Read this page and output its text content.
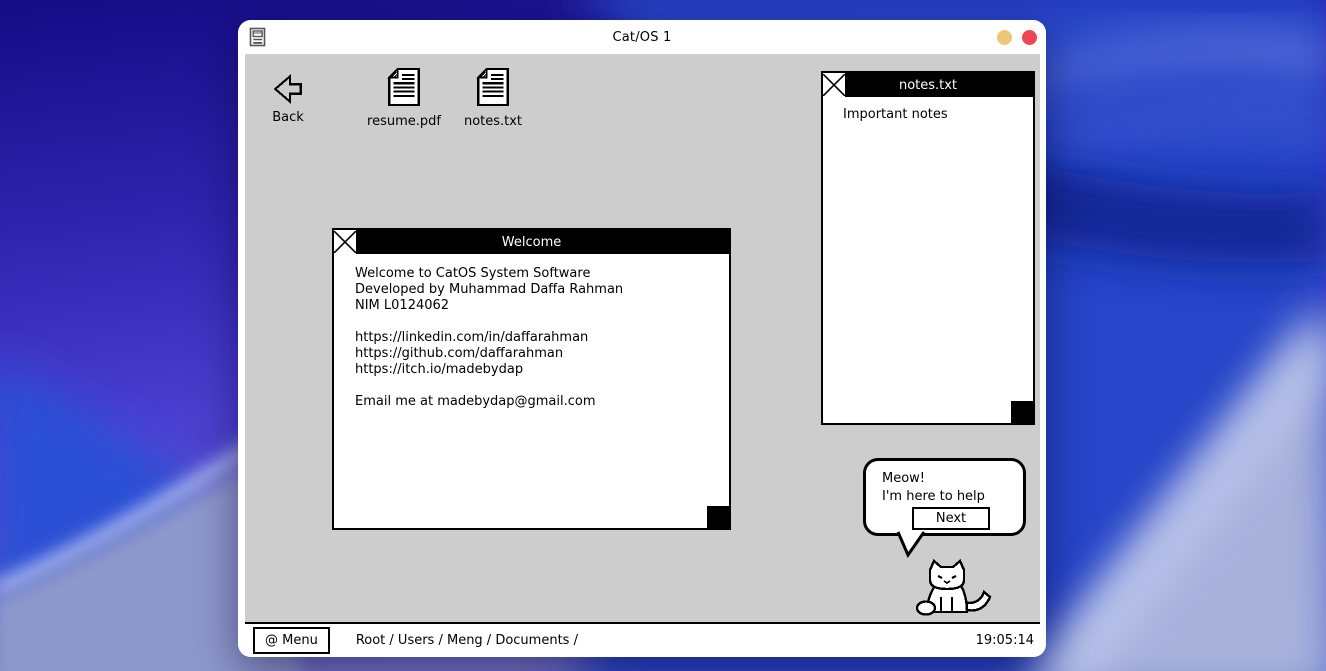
Cat/OS 1
Back	resume.pdf notes.txt
Welcome
Welcome to CatOS System Software
Developed by Muhammad Daffa Rahman
NIM L0124062
https://linkedin.com/in/daffarahman
https://github.com/daffarahman
https://itch.io/madebydap
Email me at madebydap@gmail.com
notes.txt
Important notes
Meow!
I'm here to help
Next
@ Menu	Root / Users / Meng / Documents /	19:05:14
